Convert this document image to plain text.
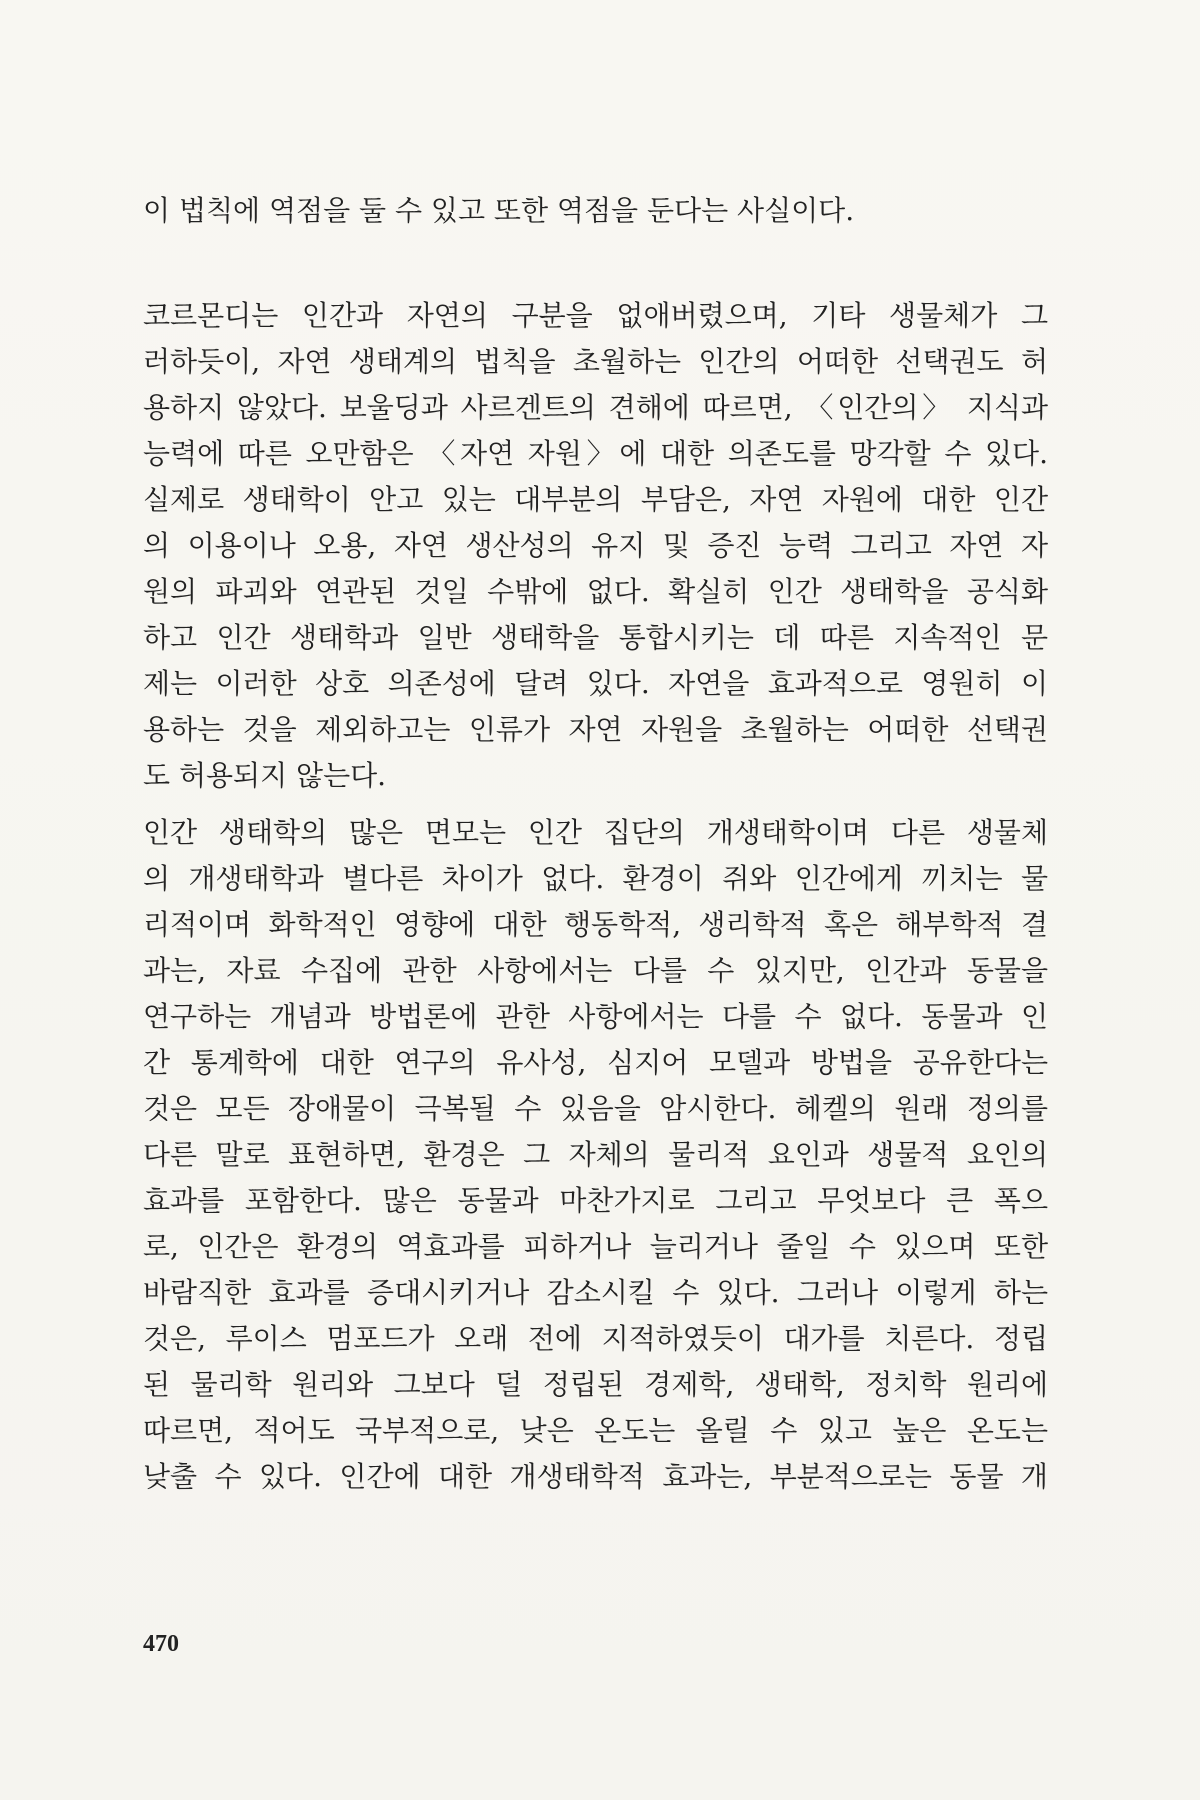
이 법칙에 역점을 둘 수 있고 또한 역점을 둔다는 사실이다.
코르몬디는 인간과 자연의 구분을 없애버렸으며, 기타 생물체가 그
러하듯이, 자연 생태계의 법칙을 초월하는 인간의 어떠한 선택권도 허
용하지 않았다. 보울딩과 사르겐트의 견해에 따르면, 〈인간의〉 지식과
능력에 따른 오만함은 〈자연 자원〉에 대한 의존도를 망각할 수 있다.
실제로 생태학이 안고 있는 대부분의 부담은, 자연 자원에 대한 인간
의 이용이나 오용, 자연 생산성의 유지 및 증진 능력 그리고 자연 자
원의 파괴와 연관된 것일 수밖에 없다. 확실히 인간 생태학을 공식화
하고 인간 생태학과 일반 생태학을 통합시키는 데 따른 지속적인 문
제는 이러한 상호 의존성에 달려 있다. 자연을 효과적으로 영원히 이
용하는 것을 제외하고는 인류가 자연 자원을 초월하는 어떠한 선택권
도 허용되지 않는다.
인간 생태학의 많은 면모는 인간 집단의 개생태학이며 다른 생물체
의 개생태학과 별다른 차이가 없다. 환경이 쥐와 인간에게 끼치는 물
리적이며 화학적인 영향에 대한 행동학적, 생리학적 혹은 해부학적 결
과는, 자료 수집에 관한 사항에서는 다를 수 있지만, 인간과 동물을
연구하는 개념과 방법론에 관한 사항에서는 다를 수 없다. 동물과 인
간 통계학에 대한 연구의 유사성, 심지어 모델과 방법을 공유한다는
것은 모든 장애물이 극복될 수 있음을 암시한다. 헤켈의 원래 정의를
다른 말로 표현하면, 환경은 그 자체의 물리적 요인과 생물적 요인의
효과를 포함한다. 많은 동물과 마찬가지로 그리고 무엇보다 큰 폭으
로, 인간은 환경의 역효과를 피하거나 늘리거나 줄일 수 있으며 또한
바람직한 효과를 증대시키거나 감소시킬 수 있다. 그러나 이렇게 하는
것은, 루이스 멈포드가 오래 전에 지적하였듯이 대가를 치른다. 정립
된 물리학 원리와 그보다 덜 정립된 경제학, 생태학, 정치학 원리에
따르면, 적어도 국부적으로, 낮은 온도는 올릴 수 있고 높은 온도는
낮출 수 있다. 인간에 대한 개생태학적 효과는, 부분적으로는 동물 개
470
